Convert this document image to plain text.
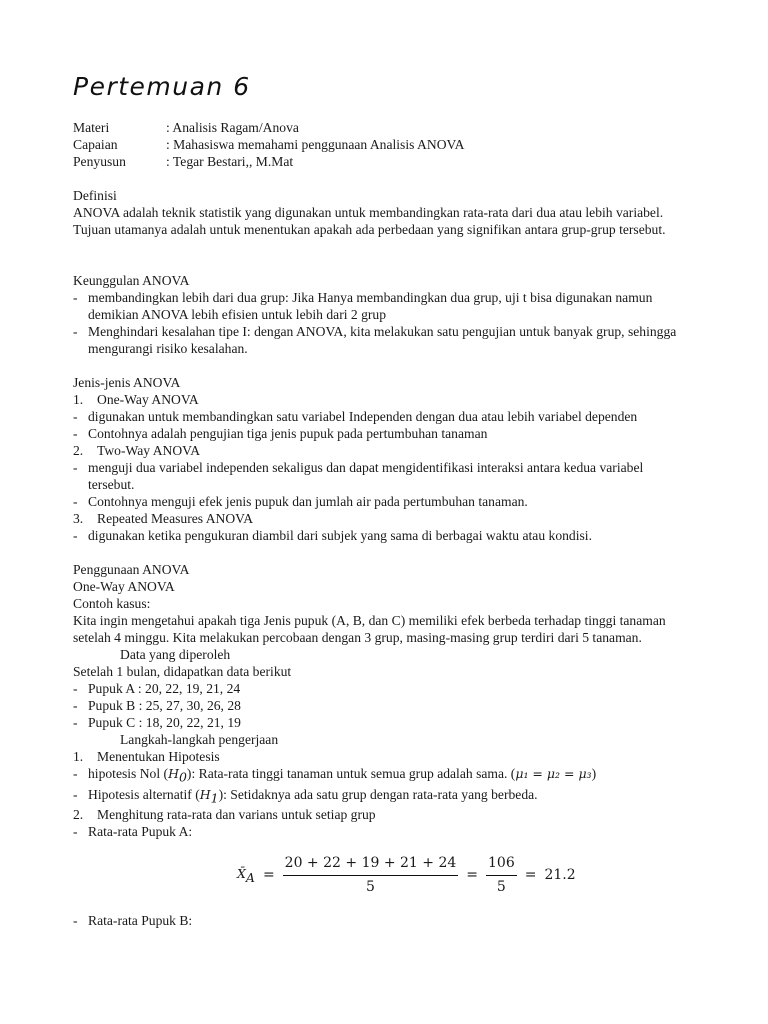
Pertemuan 6
Materi	: Analisis Ragam/Anova
Capaian	: Mahasiswa memahami penggunaan Analisis ANOVA
Penyusun	: Tegar Bestari,, M.Mat
Definisi

ANOVA adalah teknik statistik yang digunakan untuk membandingkan rata-rata dari dua atau lebih variabel. Tujuan utamanya adalah untuk menentukan apakah ada perbedaan yang signifikan antara grup-grup tersebut.

Keunggulan ANOVA
- membandingkan lebih dari dua grup: Jika Hanya membandingkan dua grup, uji t bisa digunakan namun demikian ANOVA lebih efisien untuk lebih dari 2 grup
- Menghindari kesalahan tipe I: dengan ANOVA, kita melakukan satu pengujian untuk banyak grup, sehingga mengurangi risiko kesalahan.
Jenis-jenis ANOVA
1. One-Way ANOVA
- digunakan untuk membandingkan satu variabel Independen dengan dua atau lebih variabel dependen
- Contohnya adalah pengujian tiga jenis pupuk pada pertumbuhan tanaman
2. Two-Way ANOVA
- menguji dua variabel independen sekaligus dan dapat mengidentifikasi interaksi antara kedua variabel tersebut.
- Contohnya menguji efek jenis pupuk dan jumlah air pada pertumbuhan tanaman.
3. Repeated Measures ANOVA
- digunakan ketika pengukuran diambil dari subjek yang sama di berbagai waktu atau kondisi.
Penggunaan ANOVA
One-Way ANOVA
Contoh kasus:

Kita ingin mengetahui apakah tiga Jenis pupuk (A, B, dan C) memiliki efek berbeda terhadap tinggi tanaman setelah 4 minggu. Kita melakukan percobaan dengan 3 grup, masing-masing grup terdiri dari 5 tanaman.

Data yang diperoleh
Setelah 1 bulan, didapatkan data berikut
- Pupuk A : 20, 22, 19, 21, 24
- Pupuk B : 25, 27, 30, 26, 28
- Pupuk C : 18, 20, 22, 21, 19
Langkah-langkah pengerjaan
1. Menentukan Hipotesis
- hipotesis Nol $(H_0)$: Rata-rata tinggi tanaman untuk semua grup adalah sama. (μ₁ = μ₂ = μ₃)
- Hipotesis alternatif $(H_1)$: Setidaknya ada satu grup dengan rata-rata yang berbeda.
2. Menghitung rata-rata dan varians untuk setiap grup
- Rata-rata Pupuk A:
$X̄_A = \frac{20 + 22 + 19 + 21 + 24}{5} = \frac{106}{5} = 21.2$
- Rata-rata Pupuk B:
